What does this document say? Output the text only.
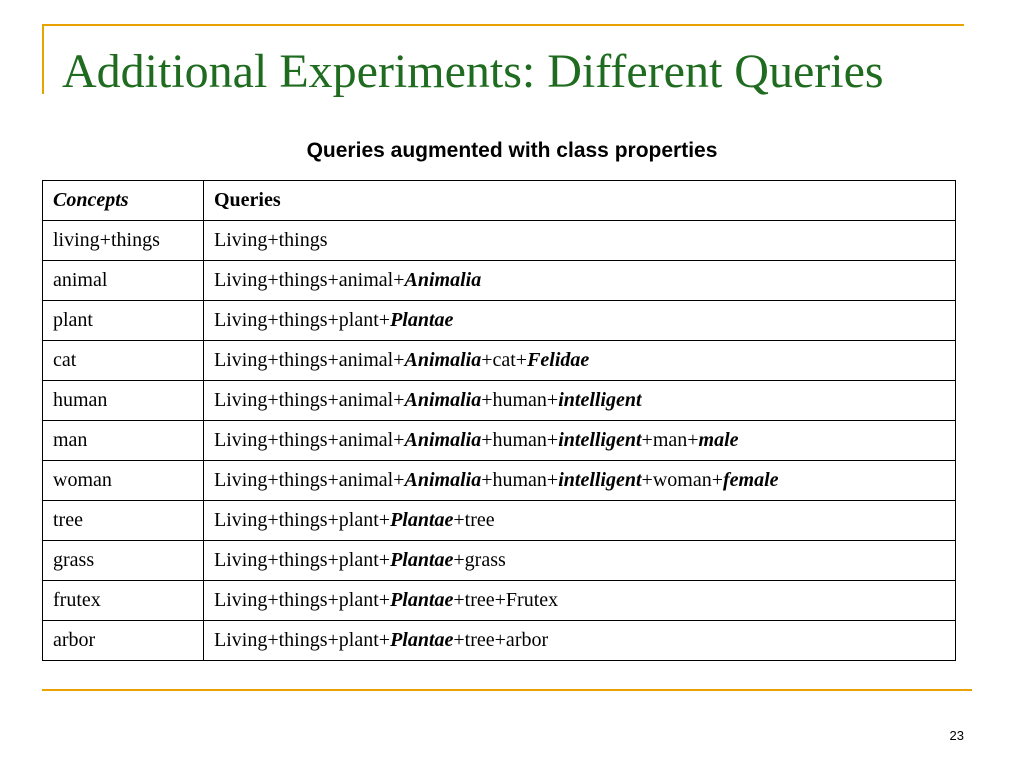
Additional Experiments: Different Queries
Queries augmented with class properties
Concepts	Queries
living+things	Living+things
animal	Living+things+animal+Animalia
plant	Living+things+plant+Plantae
cat	Living+things+animal+Animalia+cat+Felidae
human	Living+things+animal+Animalia+human+intelligent
man	Living+things+animal+Animalia+human+intelligent+man+male
woman	Living+things+animal+Animalia+human+intelligent+woman+female
tree	Living+things+plant+Plantae+tree
grass	Living+things+plant+Plantae+grass
frutex	Living+things+plant+Plantae+tree+Frutex
arbor	Living+things+plant+Plantae+tree+arbor
23
